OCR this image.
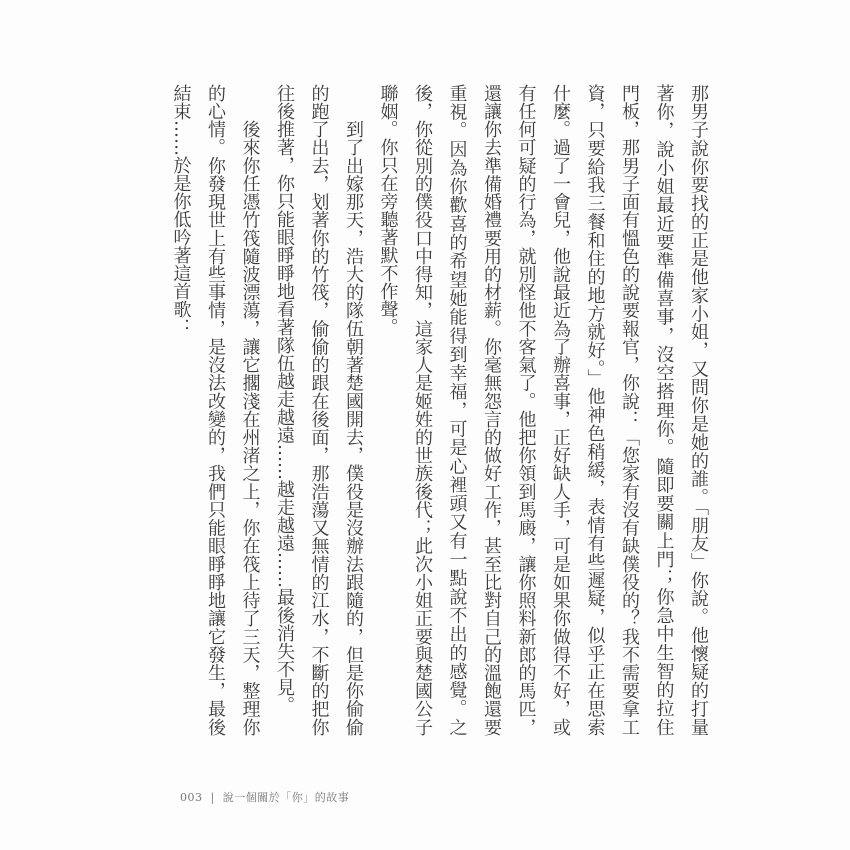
那男子說你要找的正是他家小姐，又問你是她的誰。「朋友」你說。他懷疑的打量
著你，說小姐最近要準備喜事，沒空搭理你。隨即要關上門；你急中生智的拉住
門板，那男子面有慍色的說要報官，你說：「您家有沒有缺僕役的？我不需要拿工
資，只要給我三餐和住的地方就好。」他神色稍緩，表情有些遲疑，似乎正在思索
什麼。過了一會兒，他說最近為了辦喜事，正好缺人手，可是如果你做得不好，或
有任何可疑的行為，就別怪他不客氣了。他把你領到馬廄，讓你照料新郎的馬匹，
還讓你去準備婚禮要用的材薪。你毫無怨言的做好工作，甚至比對自己的溫飽還要
重視。因為你歡喜的希望她能得到幸福，可是心裡頭又有一點說不出的感覺。之
後，你從別的僕役口中得知，這家人是姬姓的世族後代；此次小姐正要與楚國公子
聯姻。你只在旁聽著默不作聲。
　　到了出嫁那天，浩大的隊伍朝著楚國開去，僕役是沒辦法跟隨的，但是你偷偷
的跑了出去，划著你的竹筏，偷偷的跟在後面，那浩蕩又無情的江水，不斷的把你
往後推著，你只能眼睜睜地看著隊伍越走越遠……越走越遠……最後消失不見。
　　後來你任憑竹筏隨波漂蕩，讓它擱淺在州渚之上，你在筏上待了三天，整理你
的心情。你發現世上有些事情，是沒法改變的，我們只能眼睜睜地讓它發生，最後
結束……於是你低吟著這首歌：
003 | 說一個關於「你」的故事
